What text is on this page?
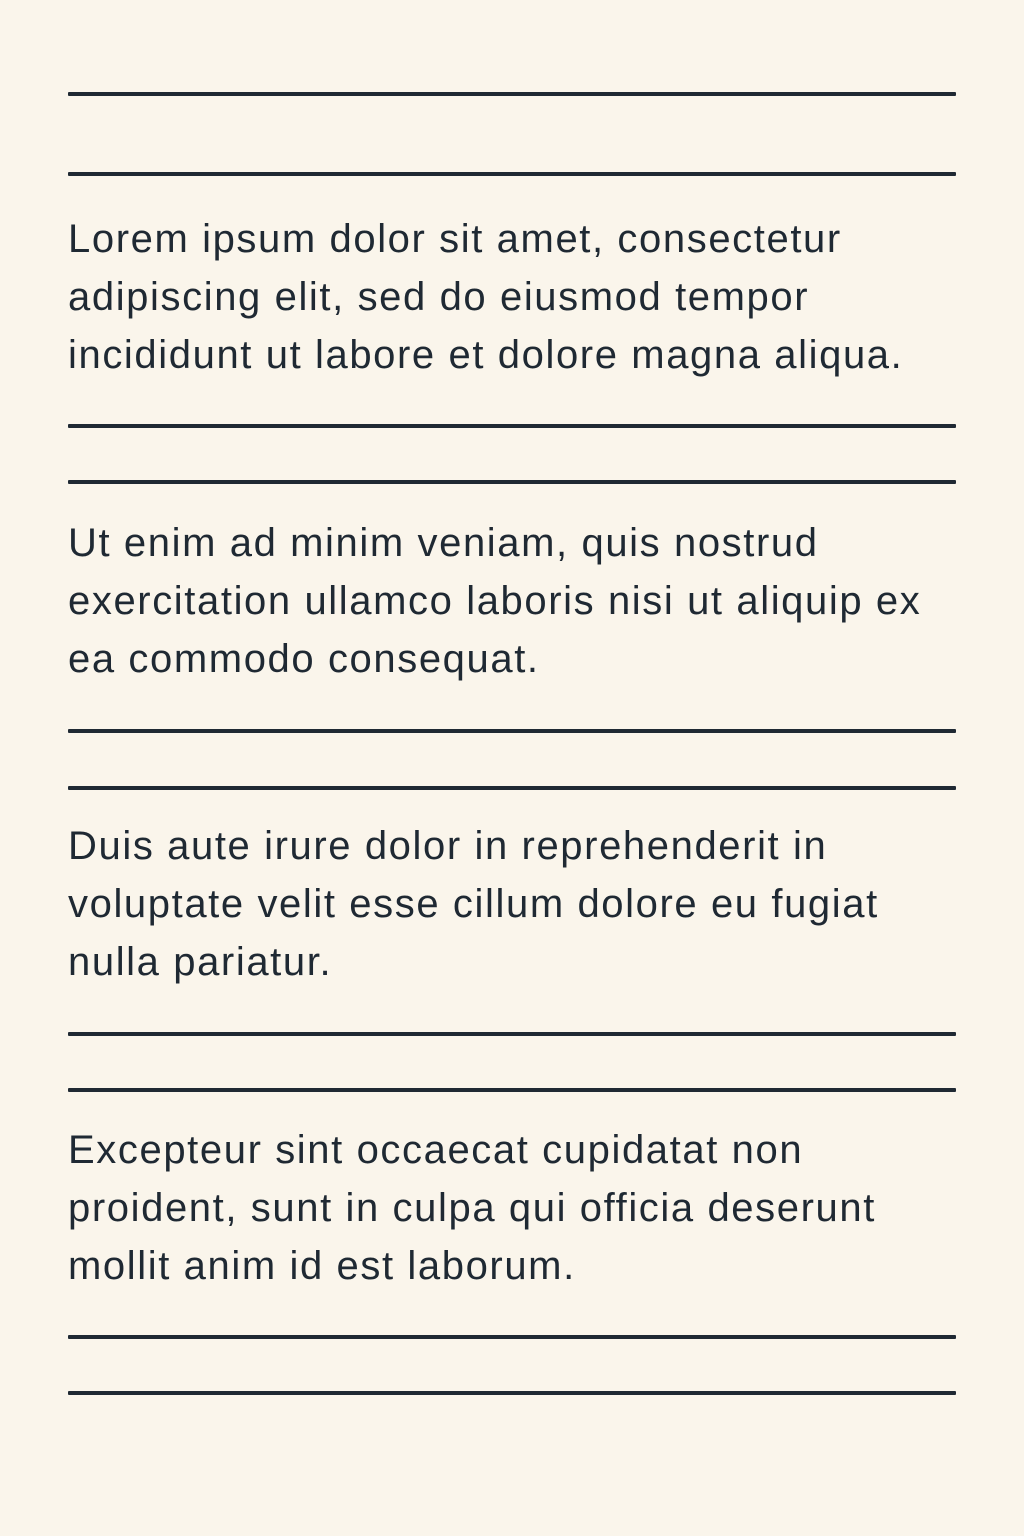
Lorem ipsum dolor sit amet, consectetur
adipiscing elit, sed do eiusmod tempor
incididunt ut labore et dolore magna aliqua.

Ut enim ad minim veniam, quis nostrud
exercitation ullamco laboris nisi ut aliquip ex
ea commodo consequat.

Duis aute irure dolor in reprehenderit in
voluptate velit esse cillum dolore eu fugiat
nulla pariatur.

Excepteur sint occaecat cupidatat non
proident, sunt in culpa qui officia deserunt
mollit anim id est laborum.
